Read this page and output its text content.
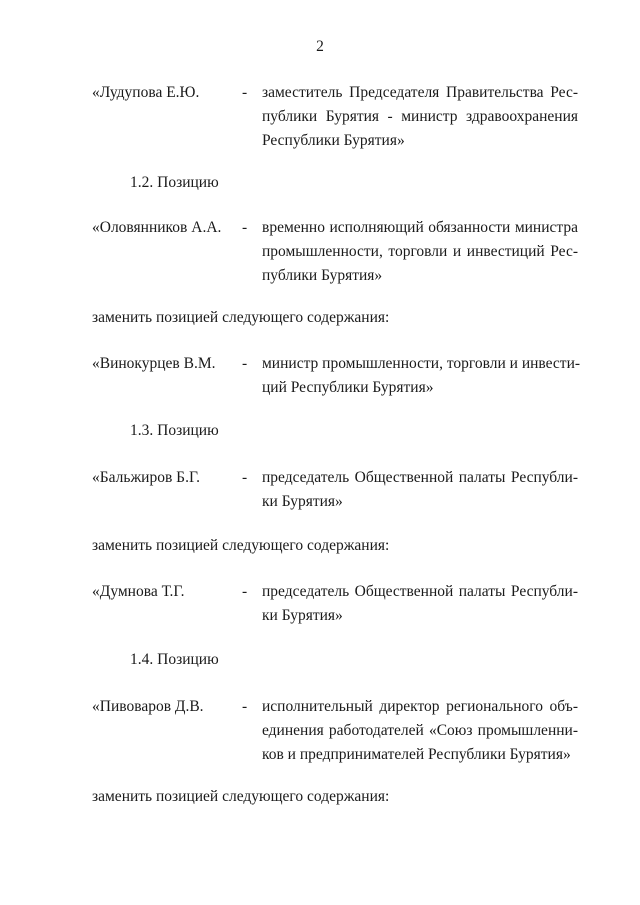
2
«Лудупова Е.Ю.	- заместитель Председателя Правительства Рес-
публики Бурятия - министр здравоохранения
Республики Бурятия»
1.2. Позицию
«Оловянников А.А. - временно исполняющий обязанности министра
промышленности, торговли и инвестиций Рес-
публики Бурятия»
заменить позицией следующего содержания:
«Винокурцев В.М. - министр промышленности, торговли и инвести-
ций Республики Бурятия»
1.3. Позицию
«Бальжиров Б.Г.	- председатель Общественной палаты Республи-
ки Бурятия»
заменить позицией следующего содержания:
«Думнова Т.Г.	- председатель Общественной палаты Республи-
ки Бурятия»
1.4. Позицию
«Пивоваров Д.В. - исполнительный директор регионального объ-
единения работодателей «Союз промышленни-
ков и предпринимателей Республики Бурятия»
заменить позицией следующего содержания:
